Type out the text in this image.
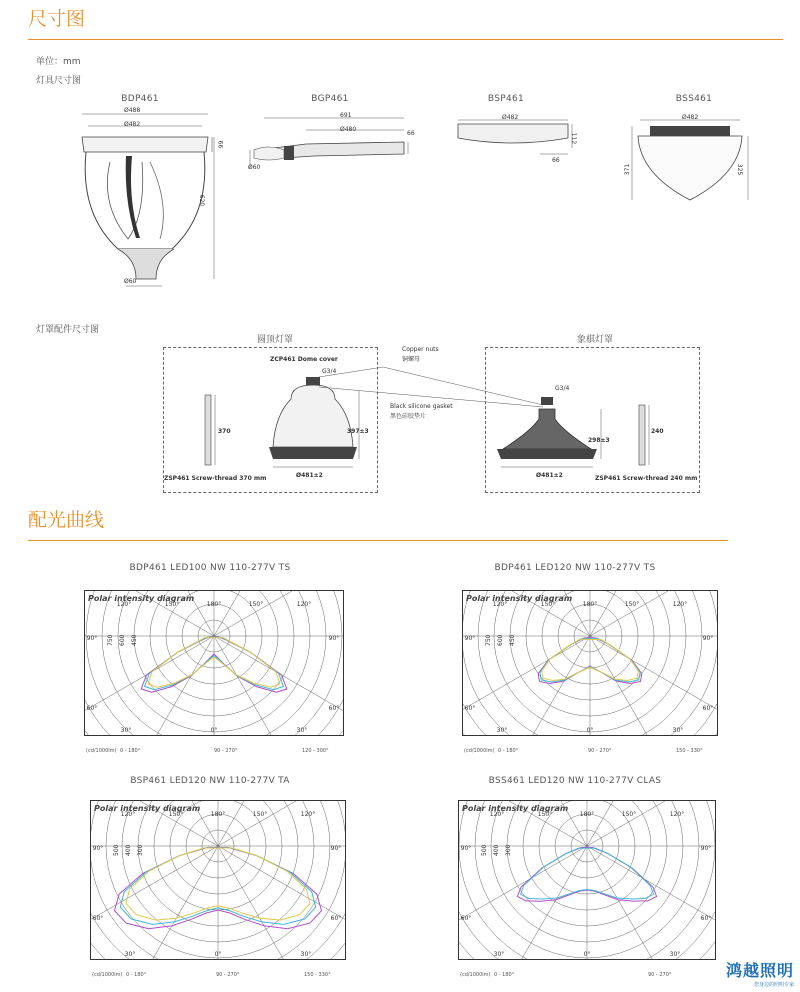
尺寸图
单位：mm
灯具尺寸图
BDP461
Ø488
Ø482
66
620
Ø60
BGP461
691
Ø480
66
Ø60
BSP461
Ø482
112
66
BSS461
Ø482
371	325
灯罩配件尺寸图
圆顶灯罩	象棋灯罩
ZCP461 Dome cover
G3/4
Copper nuts
铜螺母
Black silicone gasket
黑色硅胶垫片
G3/4
370
ZSP461 Screw-thread 370 mm
397±3
Ø481±2
298±3
Ø481±2
240
ZSP461 Screw-thread 240 mm
配光曲线
BDP461 LED100 NW 110-277V TS	BDP461 LED120 NW 110-277V TS
BSP461 LED120 NW 110-277V TA	BSS461 LED120 NW 110-277V CLAS
120°	150°	180°	150°	120°
90°	90°
60°	60°
30°	0°	30°
750 600 450
Polar intensity diagram
(cd/1000lm) 0 - 180°	90 - 270°	120 - 300°
120°	150°	180°	150°	120°
90°	90°
60°	60°
30°	0°	30°
750 600 450
Polar intensity diagram
(cd/1000lm) 0 - 180°	90 - 270°	150 - 330°
120°	150°	180°	150°	120°
90°	90°
60°	60°
30°	0°	30°
500 400 300
Polar intensity diagram
(cd/1000lm) 0 - 180°	90 - 270°	150 - 330°
120°	150°	180°	150°	120°
90°	90°
60°	60°
30°	0°	30°
500 400 300
Polar intensity diagram
(cd/1000lm) 0 - 180°	90 - 270°	鸿越照明
您身边的照明专家
